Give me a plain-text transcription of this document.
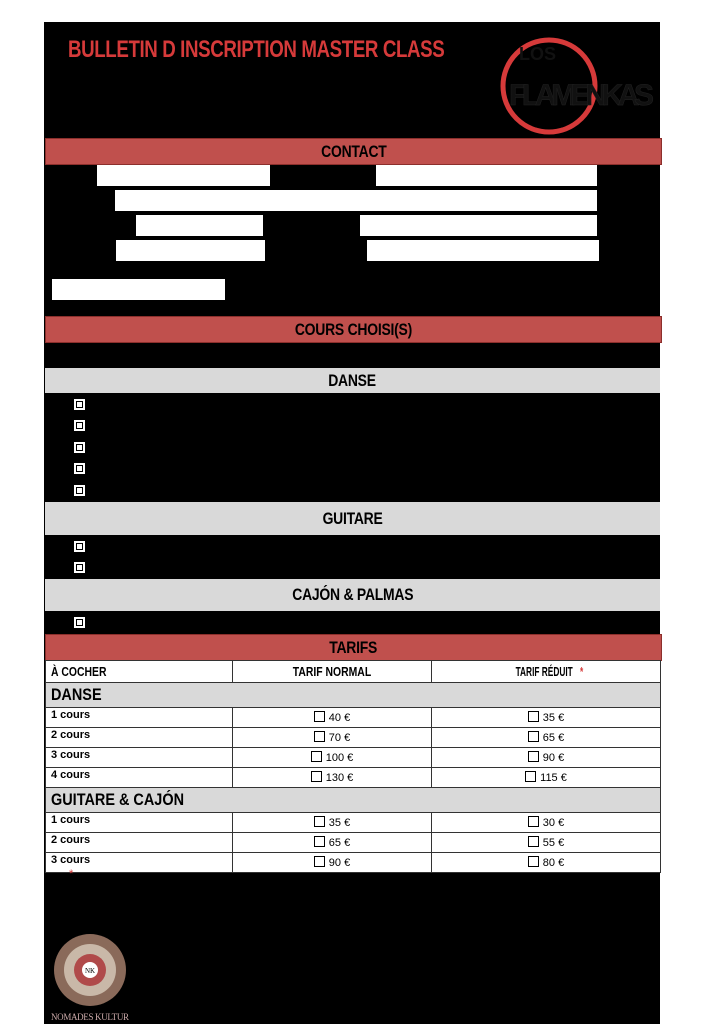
BULLETIN D INSCRIPTION MASTER CLASS	LOS
FLAMENKAS
CONTACT
COURS CHOISI(S)
DANSE
GUITARE
CAJÓN & PALMAS
TARIFS
À COCHER	TARIF NORMAL	TARIF RÉDUIT *
DANSE		
1 cours	40 €	35 €
2 cours	70 €	65 €
3 cours	100 €	90 €
4 cours	130 €	115 €
GUITARE & CAJÓN		
1 cours	35 €	30 €
2 cours	65 €	55 €
3 cours	90 €	80 €
*
NK
NOMADES KULTUR
